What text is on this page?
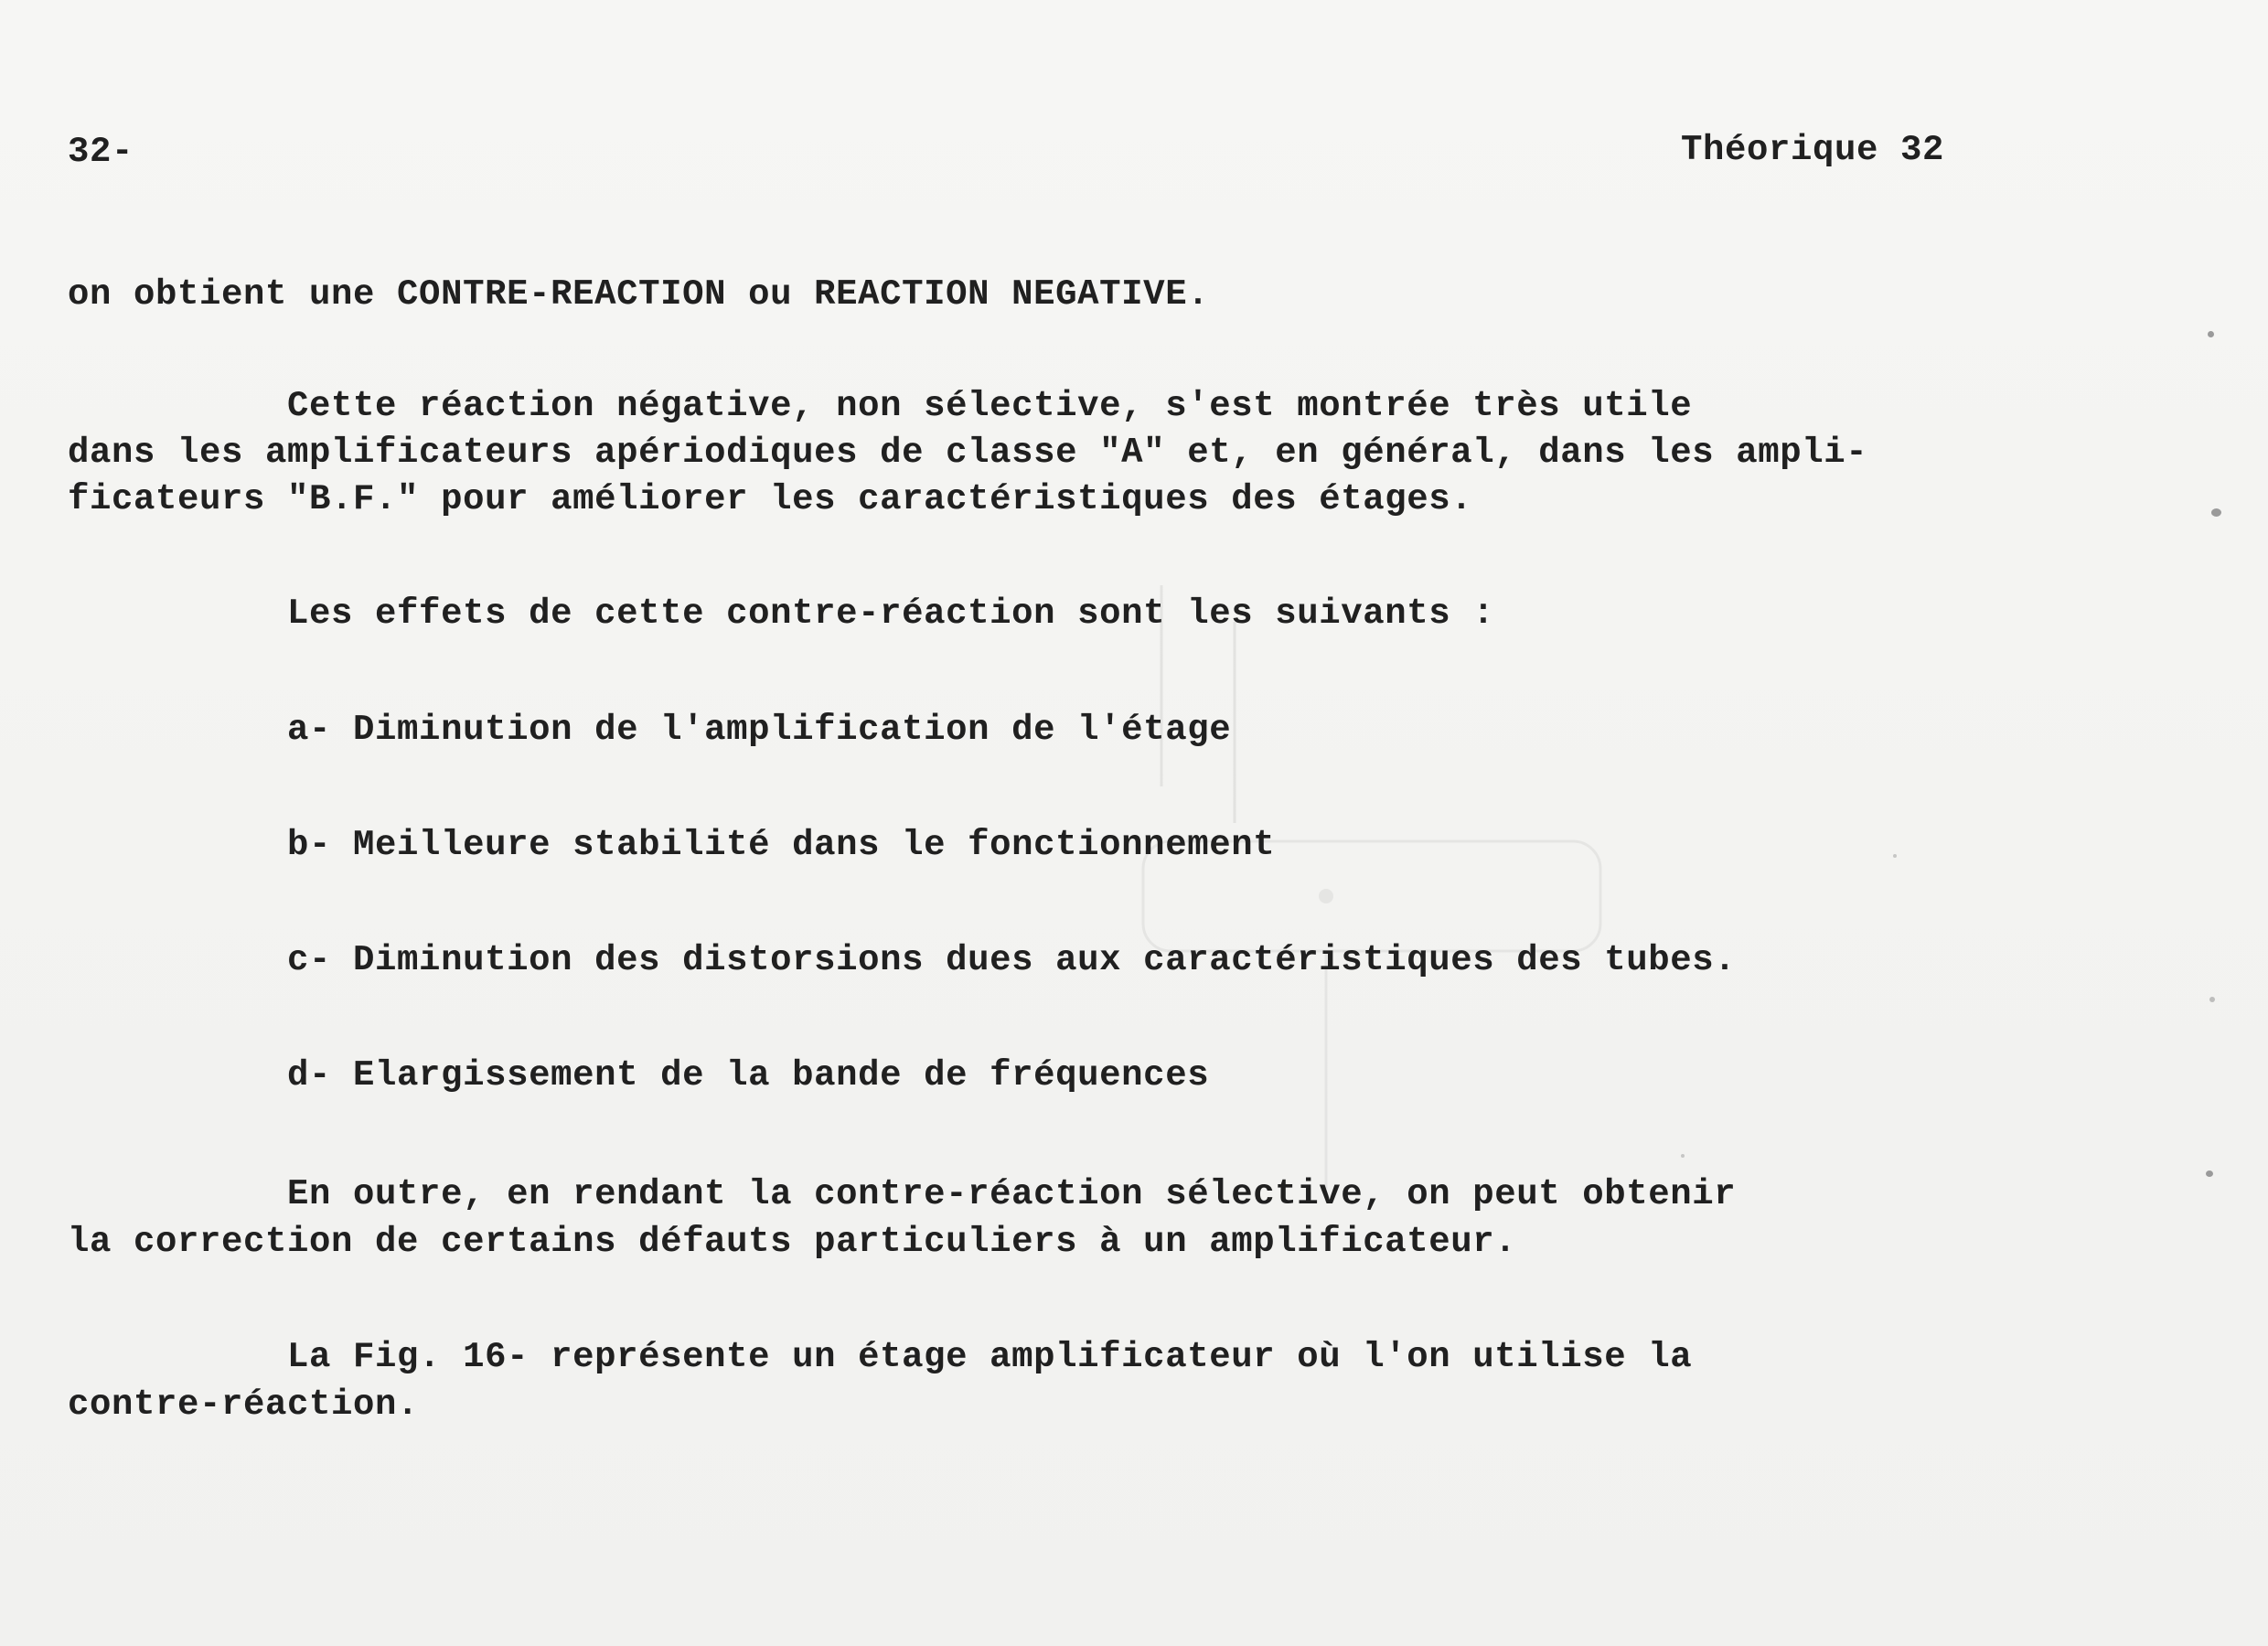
32-	Théorique 32
on obtient une CONTRE-REACTION ou REACTION NEGATIVE.
Cette réaction négative, non sélective, s'est montrée très utile
dans les amplificateurs apériodiques de classe "A" et, en général, dans les ampli-
ficateurs "B.F." pour améliorer les caractéristiques des étages.
Les effets de cette contre-réaction sont les suivants :
a- Diminution de l'amplification de l'étage
b- Meilleure stabilité dans le fonctionnement
c- Diminution des distorsions dues aux caractéristiques des tubes.
d- Elargissement de la bande de fréquences
En outre, en rendant la contre-réaction sélective, on peut obtenir
la correction de certains défauts particuliers à un amplificateur.
La Fig. 16- représente un étage amplificateur où l'on utilise la
contre-réaction.
